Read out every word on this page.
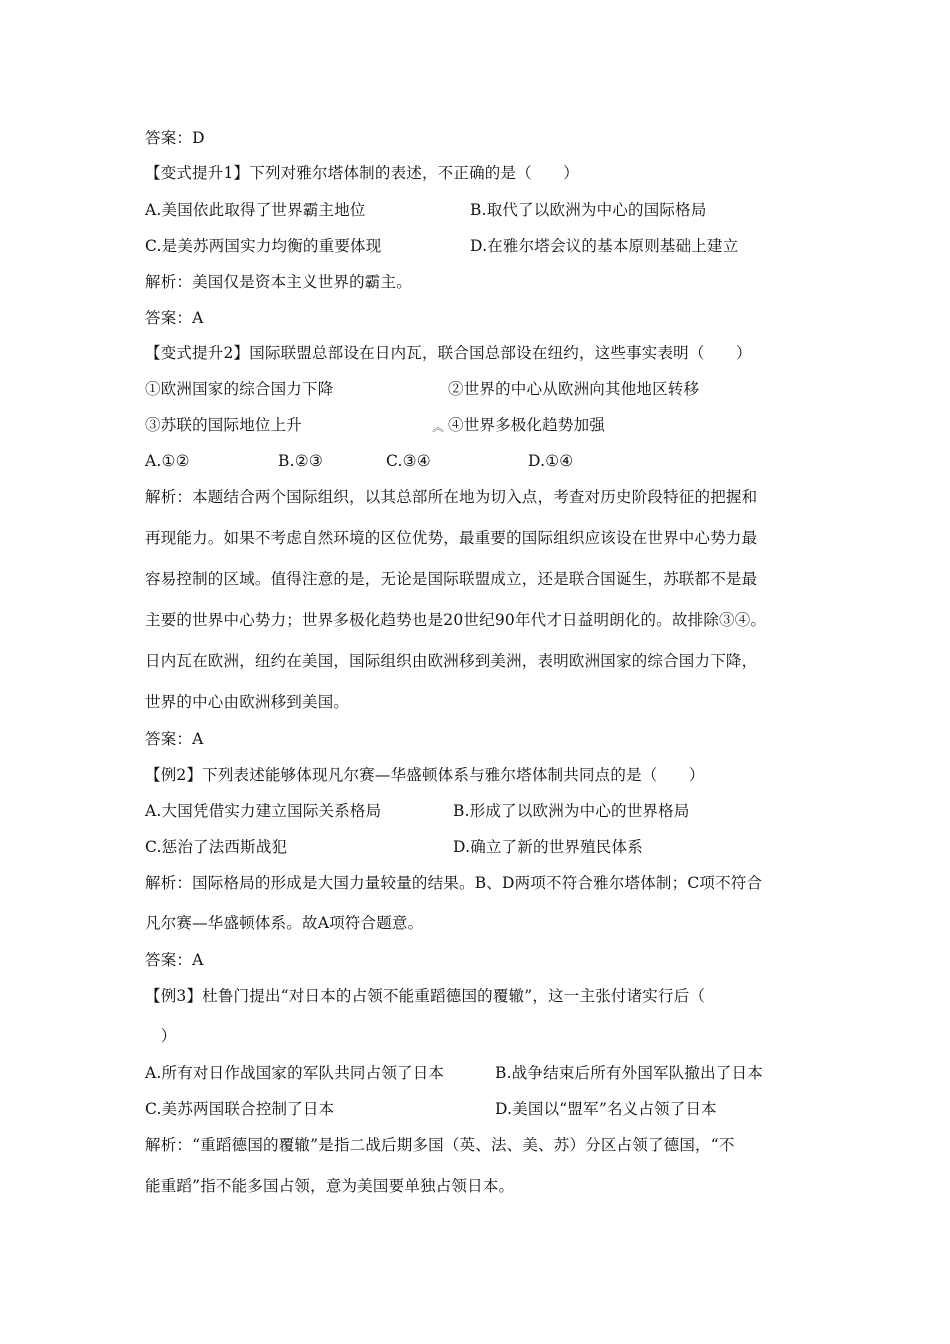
答案：D
【变式提升1】下列对雅尔塔体制的表述，不正确的是（　　）
A.美国依此取得了世界霸主地位	B.取代了以欧洲为中心的国际格局
C.是美苏两国实力均衡的重要体现	D.在雅尔塔会议的基本原则基础上建立
解析：美国仅是资本主义世界的霸主。
答案：A
【变式提升2】国际联盟总部设在日内瓦，联合国总部设在纽约，这些事实表明（　　）
①欧洲国家的综合国力下降	②世界的中心从欧洲向其他地区转移
③苏联的国际地位上升	︽ ④世界多极化趋势加强
A.①②	B.②③	C.③④	D.①④
解析：本题结合两个国际组织，以其总部所在地为切入点，考查对历史阶段特征的把握和
再现能力。如果不考虑自然环境的区位优势，最重要的国际组织应该设在世界中心势力最
容易控制的区域。值得注意的是，无论是国际联盟成立，还是联合国诞生，苏联都不是最
主要的世界中心势力；世界多极化趋势也是20世纪90年代才日益明朗化的。故排除③④。
日内瓦在欧洲，纽约在美国，国际组织由欧洲移到美洲，表明欧洲国家的综合国力下降，
世界的中心由欧洲移到美国。
答案：A
【例2】下列表述能够体现凡尔赛—华盛顿体系与雅尔塔体制共同点的是（　　）
A.大国凭借实力建立国际关系格局	B.形成了以欧洲为中心的世界格局
C.惩治了法西斯战犯	D.确立了新的世界殖民体系
解析：国际格局的形成是大国力量较量的结果。B、D两项不符合雅尔塔体制；C项不符合
凡尔赛—华盛顿体系。故A项符合题意。
答案：A
【例3】杜鲁门提出“对日本的占领不能重蹈德国的覆辙”，这一主张付诸实行后（
　）
A.所有对日作战国家的军队共同占领了日本	B.战争结束后所有外国军队撤出了日本
C.美苏两国联合控制了日本	D.美国以“盟军”名义占领了日本
解析：“重蹈德国的覆辙”是指二战后期多国（英、法、美、苏）分区占领了德国，“不
能重蹈”指不能多国占领，意为美国要单独占领日本。
